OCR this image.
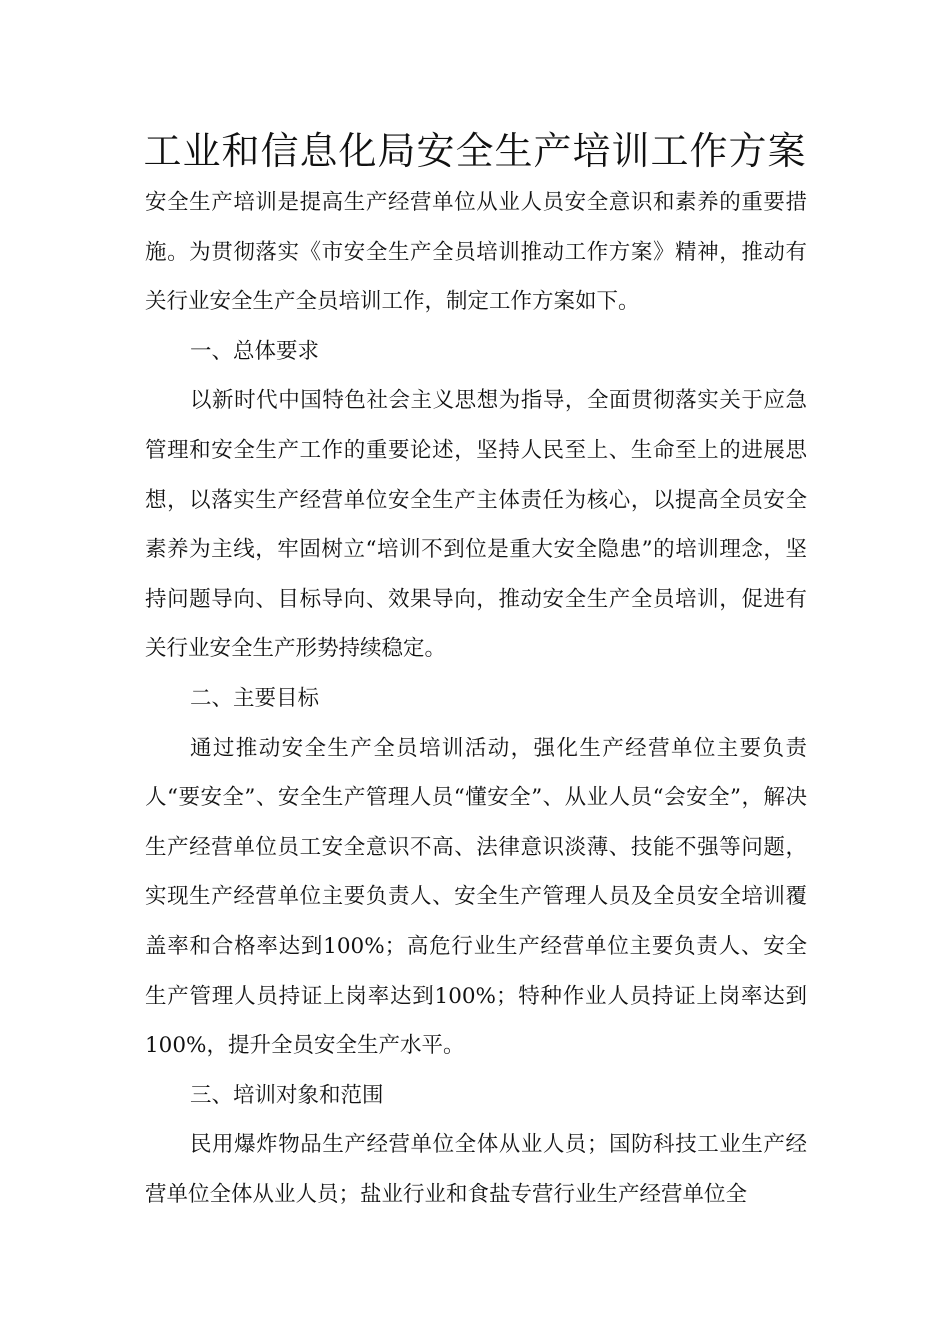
工业和信息化局安全生产培训工作方案

安全生产培训是提高生产经营单位从业人员安全意识和素养的重要措施。为贯彻落实《市安全生产全员培训推动工作方案》精神，推动有关行业安全生产全员培训工作，制定工作方案如下。

一、总体要求

以新时代中国特色社会主义思想为指导，全面贯彻落实关于应急管理和安全生产工作的重要论述，坚持人民至上、生命至上的进展思想，以落实生产经营单位安全生产主体责任为核心，以提高全员安全素养为主线，牢固树立“培训不到位是重大安全隐患”的培训理念，坚持问题导向、目标导向、效果导向，推动安全生产全员培训，促进有关行业安全生产形势持续稳定。

二、主要目标

通过推动安全生产全员培训活动，强化生产经营单位主要负责人“要安全”、安全生产管理人员“懂安全”、从业人员“会安全”，解决生产经营单位员工安全意识不高、法律意识淡薄、技能不强等问题，实现生产经营单位主要负责人、安全生产管理人员及全员安全培训覆盖率和合格率达到100%；高危行业生产经营单位主要负责人、安全生产管理人员持证上岗率达到100%；特种作业人员持证上岗率达到100%，提升全员安全生产水平。

三、培训对象和范围

民用爆炸物品生产经营单位全体从业人员；国防科技工业生产经营单位全体从业人员；盐业行业和食盐专营行业生产经营单位全
